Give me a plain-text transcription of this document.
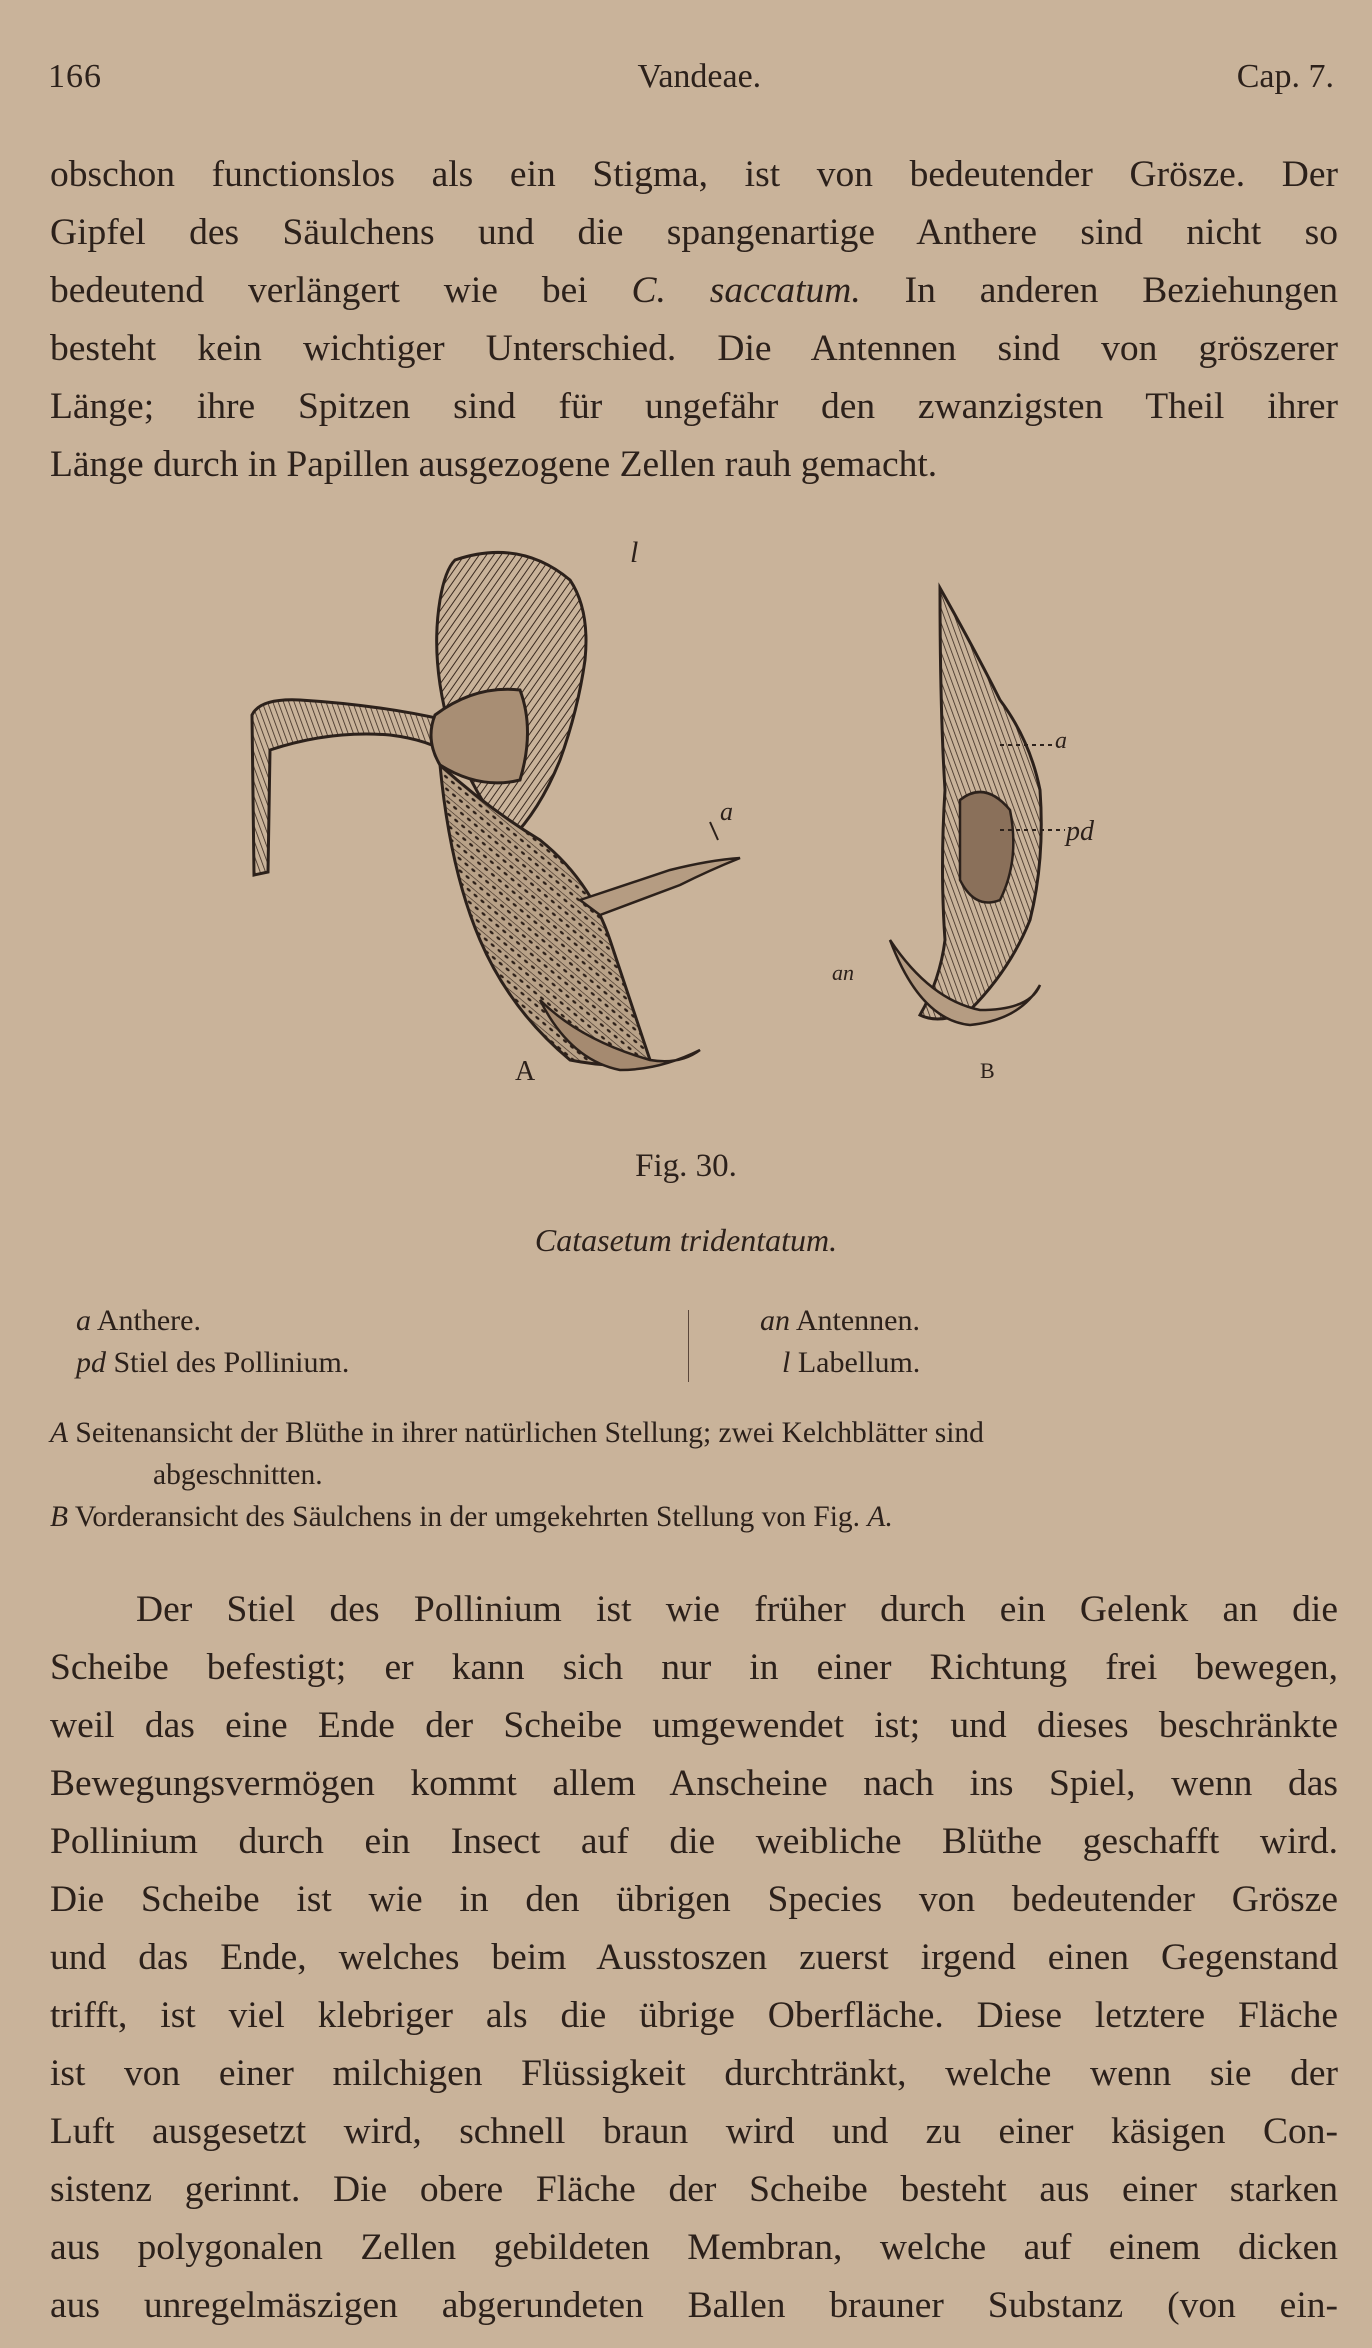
166	Vandeae.	Cap. 7.
obschon functionslos als ein Stigma, ist von bedeutender Grösze. Der
Gipfel des Säulchens und die spangenartige Anthere sind nicht so
bedeutend verlängert wie bei C. saccatum. In anderen Beziehungen
besteht kein wichtiger Unterschied. Die Antennen sind von gröszerer
Länge; ihre Spitzen sind für ungefähr den zwanzigsten Theil ihrer
Länge durch in Papillen ausgezogene Zellen rauh gemacht.
l
a
A
a
pd
an
B
Fig. 30.
Catasetum tridentatum.
a Anthere.
pd Stiel des Pollinium.
an Antennen.
l Labellum.
A Seitenansicht der Blüthe in ihrer natürlichen Stellung; zwei Kelchblätter sind
abgeschnitten.
B Vorderansicht des Säulchens in der umgekehrten Stellung von Fig. A.
Der Stiel des Pollinium ist wie früher durch ein Gelenk an die
Scheibe befestigt; er kann sich nur in einer Richtung frei bewegen,
weil das eine Ende der Scheibe umgewendet ist; und dieses beschränkte
Bewegungsvermögen kommt allem Anscheine nach ins Spiel, wenn das
Pollinium durch ein Insect auf die weibliche Blüthe geschafft wird.
Die Scheibe ist wie in den übrigen Species von bedeutender Grösze
und das Ende, welches beim Ausstoszen zuerst irgend einen Gegenstand
trifft, ist viel klebriger als die übrige Oberfläche. Diese letztere Fläche
ist von einer milchigen Flüssigkeit durchtränkt, welche wenn sie der
Luft ausgesetzt wird, schnell braun wird und zu einer käsigen Con-
sistenz gerinnt. Die obere Fläche der Scheibe besteht aus einer starken
aus polygonalen Zellen gebildeten Membran, welche auf einem dicken
aus unregelmäszigen abgerundeten Ballen brauner Substanz (von ein-
